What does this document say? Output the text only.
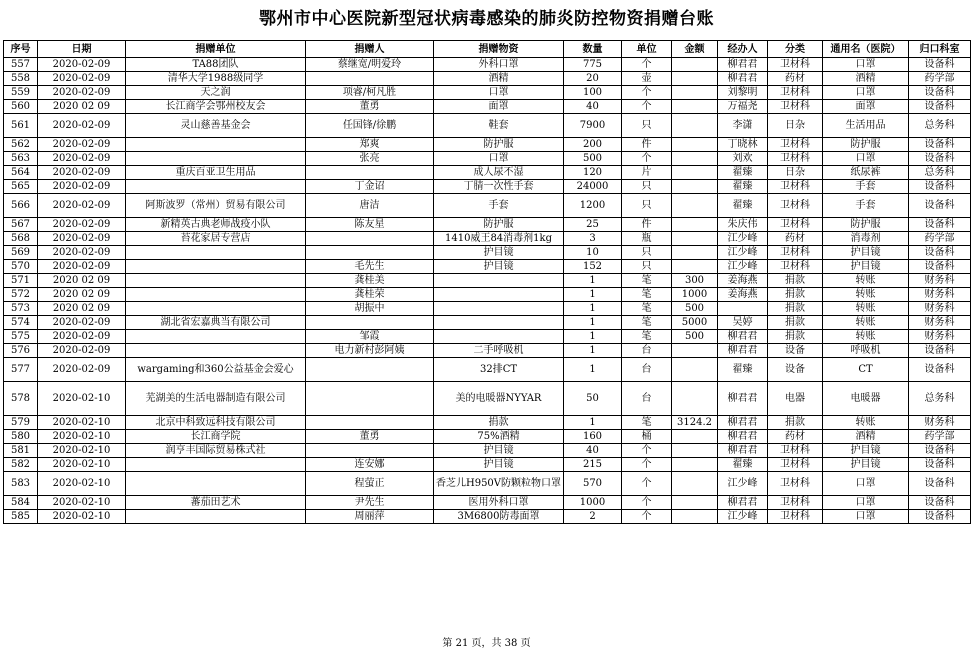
鄂州市中心医院新型冠状病毒感染的肺炎防控物资捐赠台账
序号	日期	捐赠单位	捐赠人	捐赠物资	数量	单位	金额	经办人	分类	通用名（医院）	归口科室
557	2020-02-09	TA88团队	蔡继宽/明爱玲	外科口罩	775	个		柳君君	卫材科	口罩	设备科
558	2020-02-09	清华大学1988级同学		酒精	20	壶		柳君君	药材	酒精	药学部
559	2020-02-09	天之润	项睿/柯凡胜	口罩	100	个		刘黎明	卫材科	口罩	设备科
560	2020 02 09	长江商学会鄂州校友会	董勇	面罩	40	个		万福尧	卫材科	面罩	设备科
561	2020-02-09	灵山慈善基金会	任国锋/徐鹏	鞋套	7900	只		李潇	日杂	生活用品	总务科
562	2020-02-09		郑爽	防护服	200	件		丁晓林	卫材科	防护服	设备科
563	2020-02-09		张亮	口罩	500	个		刘欢	卫材科	口罩	设备科
564	2020-02-09	重庆百亚卫生用品		成人尿不湿	120	片		翟臻	日杂	纸尿裤	总务科
565	2020-02-09		丁金诏	丁腈一次性手套	24000	只		翟臻	卫材科	手套	设备科
566	2020-02-09	阿斯波罗（常州）贸易有限公司	唐洁	手套	1200	只		翟臻	卫材科	手套	设备科
567	2020-02-09	新精英古典老师战疫小队	陈友星	防护服	25	件		朱庆伟	卫材科	防护服	设备科
568	2020-02-09	苔花家居专营店		1410威王84消毒剂1kg	3	瓶		江少峰	药材	消毒剂	药学部
569	2020-02-09			护目镜	10	只		江少峰	卫材科	护目镜	设备科
570	2020-02-09		毛先生	护目镜	152	只		江少峰	卫材科	护目镜	设备科
571	2020 02 09		龚桂美		1	笔	300	姜海燕	捐款	转账	财务科
572	2020 02 09		龚桂荣		1	笔	1000	姜海燕	捐款	转账	财务科
573	2020 02 09		胡振中		1	笔	500		捐款	转账	财务科
574	2020-02-09	湖北省宏嘉典当有限公司			1	笔	5000	吴婷	捐款	转账	财务科
575	2020-02-09		邹霞		1	笔	500	柳君君	捐款	转账	财务科
576	2020-02-09		电力新村彭阿姨	二手呼吸机	1	台		柳君君	设备	呼吸机	设备科
577	2020-02-09	wargaming和360公益基金会爱心		32排CT	1	台		翟臻	设备	CT	设备科
578	2020-02-10	芜湖美的生活电器制造有限公司		美的电暖器NYYAR	50	台		柳君君	电器	电暖器	总务科
579	2020-02-10	北京中科致远科技有限公司		捐款	1	笔	3124.2	柳君君	捐款	转账	财务科
580	2020-02-10	长江商学院	董勇	75%酒精	160	桶		柳君君	药材	酒精	药学部
581	2020-02-10	润亨丰国际贸易株式社		护目镜	40	个		柳君君	卫材科	护目镜	设备科
582	2020-02-10		连安娜	护目镜	215	个		翟臻	卫材科	护目镜	设备科
583	2020-02-10		程萤正	香芝儿H950V防颗粒物口罩	570	个		江少峰	卫材科	口罩	设备科
584	2020-02-10	蕃茄田艺术	尹先生	医用外科口罩	1000	个		柳君君	卫材科	口罩	设备科
585	2020-02-10		周丽萍	3M6800防毒面罩	2	个		江少峰	卫材科	口罩	设备科
第 21 页，共 38 页
